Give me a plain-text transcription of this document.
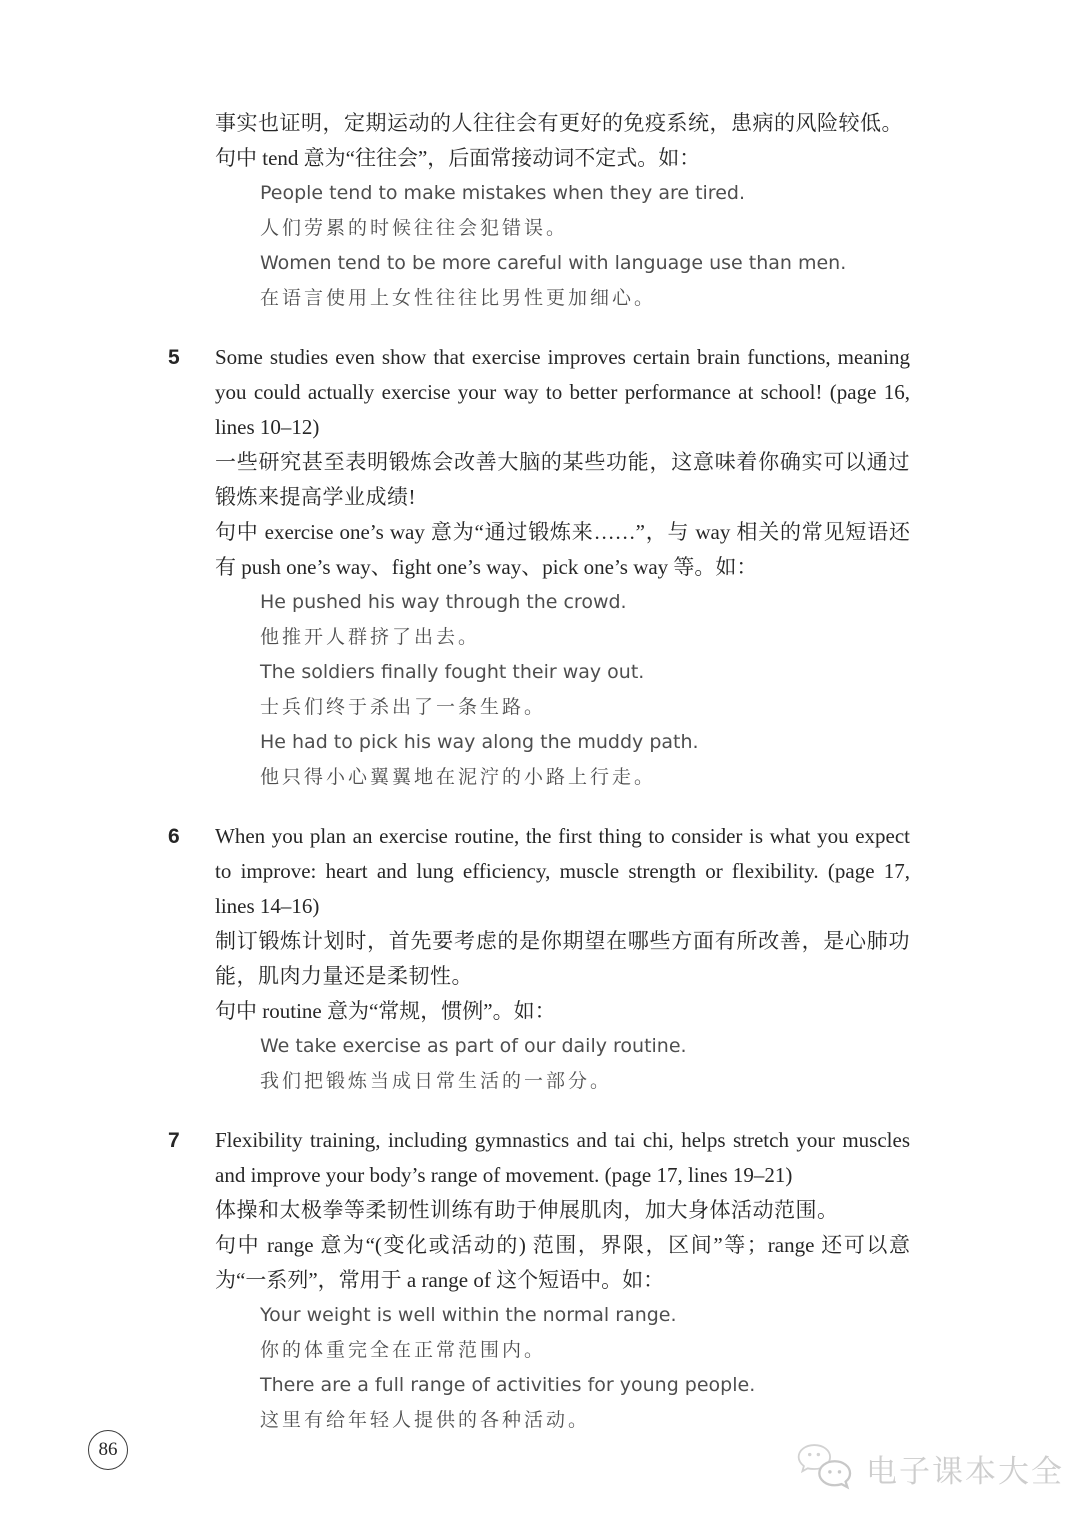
事实也证明，定期运动的人往往会有更好的免疫系统，患病的风险较低。

句中 tend 意为“往往会”，后面常接动词不定式。如：

People tend to make mistakes when they are tired.
人们劳累的时候往往会犯错误。
Women tend to be more careful with language use than men.
在语言使用上女性往往比男性更加细心。
5	Some studies even show that exercise improves certain brain functions, meaning you could actually exercise your way to better performance at school! (page 16, lines 10–12)

一些研究甚至表明锻炼会改善大脑的某些功能，这意味着你确实可以通过锻炼来提高学业成绩!

句中 exercise one’s way 意为“通过锻炼来……”，与 way 相关的常见短语还有 push one’s way、fight one’s way、pick one’s way 等。如：

He pushed his way through the crowd.
他推开人群挤了出去。
The soldiers finally fought their way out.
士兵们终于杀出了一条生路。
He had to pick his way along the muddy path.
他只得小心翼翼地在泥泞的小路上行走。
6	When you plan an exercise routine, the first thing to consider is what you expect to improve: heart and lung efficiency, muscle strength or flexibility. (page 17, lines 14–16)

制订锻炼计划时，首先要考虑的是你期望在哪些方面有所改善，是心肺功能，肌肉力量还是柔韧性。

句中 routine 意为“常规，惯例”。如：

We take exercise as part of our daily routine.
我们把锻炼当成日常生活的一部分。
7	Flexibility training, including gymnastics and tai chi, helps stretch your muscles and improve your body’s range of movement. (page 17, lines 19–21)

体操和太极拳等柔韧性训练有助于伸展肌肉，加大身体活动范围。

句中 range 意为“(变化或活动的) 范围，界限，区间”等；range 还可以意为“一系列”，常用于 a range of 这个短语中。如：

Your weight is well within the normal range.
你的体重完全在正常范围内。
There are a full range of activities for young people.
这里有给年轻人提供的各种活动。
86
电子课本大全
